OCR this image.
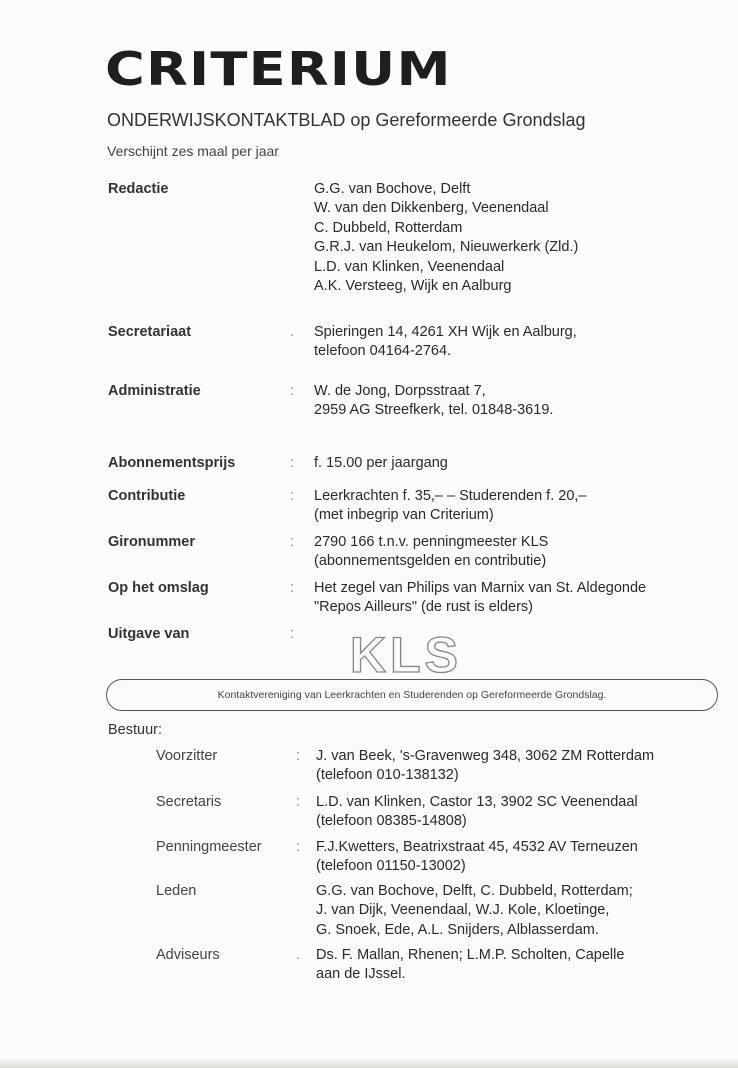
CRITERIUM
ONDERWIJSKONTAKTBLAD op Gereformeerde Grondslag
Verschijnt zes maal per jaar
Redactie	G.G. van Bochove, Delft
W. van den Dikkenberg, Veenendaal
C. Dubbeld, Rotterdam
G.R.J. van Heukelom, Nieuwerkerk (Zld.)
L.D. van Klinken, Veenendaal
A.K. Versteeg, Wijk en Aalburg
Secretariaat	. Spieringen 14, 4261 XH Wijk en Aalburg,
telefoon 04164-2764.
Administratie	: W. de Jong, Dorpsstraat 7,
2959 AG Streefkerk, tel. 01848-3619.
Abonnementsprijs	: f. 15.00 per jaargang
Contributie	: Leerkrachten f. 35,– – Studerenden f. 20,–
(met inbegrip van Criterium)
Gironummer	: 2790 166 t.n.v. penningmeester KLS
(abonnementsgelden en contributie)
Op het omslag	: Het zegel van Philips van Marnix van St. Aldegonde
"Repos Ailleurs" (de rust is elders)
Uitgave van	: KLS
Kontaktvereniging van Leerkrachten en Studerenden op Gereformeerde Grondslag.
Bestuur:
Voorzitter	: J. van Beek, 's-Gravenweg 348, 3062 ZM Rotterdam
(telefoon 010-138132)
Secretaris	: L.D. van Klinken, Castor 13, 3902 SC Veenendaal
(telefoon 08385-14808)
Penningmeester : F.J.Kwetters, Beatrixstraat 45, 4532 AV Terneuzen
(telefoon 01150-13002)
Leden	G.G. van Bochove, Delft, C. Dubbeld, Rotterdam;
J. van Dijk, Veenendaal, W.J. Kole, Kloetinge,
G. Snoek, Ede, A.L. Snijders, Alblasserdam.
Adviseurs	. Ds. F. Mallan, Rhenen; L.M.P. Scholten, Capelle
aan de IJssel.
